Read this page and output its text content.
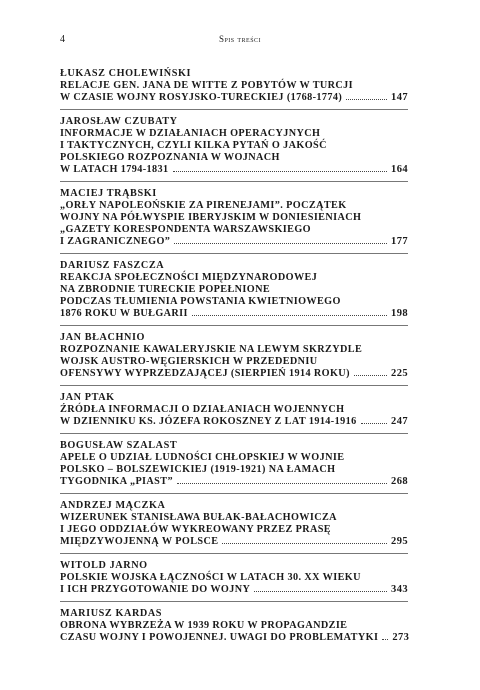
4	Spis treści
ŁUKASZ CHOLEWIŃSKI
RELACJE GEN. JANA DE WITTE Z POBYTÓW W TURCJI
W CZASIE WOJNY ROSYJSKO-TURECKIEJ (1768-1774)	147
JAROSŁAW CZUBATY
INFORMACJE W DZIAŁANIACH OPERACYJNYCH
I TAKTYCZNYCH, CZYLI KILKA PYTAŃ O JAKOŚĆ
POLSKIEGO ROZPOZNANIA W WOJNACH
W LATACH 1794-1831	164
MACIEJ TRĄBSKI
„ORŁY NAPOLEOŃSKIE ZA PIRENEJAMI”. POCZĄTEK
WOJNY NA PÓŁWYSPIE IBERYJSKIM W DONIESIENIACH
„GAZETY KORESPONDENTA WARSZAWSKIEGO
I ZAGRANICZNEGO”	177
DARIUSZ FASZCZA
REAKCJA SPOŁECZNOŚCI MIĘDZYNARODOWEJ
NA ZBRODNIE TURECKIE POPEŁNIONE
PODCZAS TŁUMIENIA POWSTANIA KWIETNIOWEGO
1876 ROKU W BUŁGARII	198
JAN BŁACHNIO
ROZPOZNANIE KAWALERYJSKIE NA LEWYM SKRZYDLE
WOJSK AUSTRO-WĘGIERSKICH W PRZEDEDNIU
OFENSYWY WYPRZEDZAJĄCEJ (SIERPIEŃ 1914 ROKU)	225
JAN PTAK
ŹRÓDŁA INFORMACJI O DZIAŁANIACH WOJENNYCH
W DZIENNIKU KS. JÓZEFA ROKOSZNEY Z LAT 1914-1916	247
BOGUSŁAW SZALAST
APELE O UDZIAŁ LUDNOŚCI CHŁOPSKIEJ W WOJNIE
POLSKO – BOLSZEWICKIEJ (1919-1921) NA ŁAMACH
TYGODNIKA „PIAST”	268
ANDRZEJ MĄCZKA
WIZERUNEK STANISŁAWA BUŁAK-BAŁACHOWICZA
I JEGO ODDZIAŁÓW WYKREOWANY PRZEZ PRASĘ
MIĘDZYWOJENNĄ W POLSCE	295
WITOLD JARNO
POLSKIE WOJSKA ŁĄCZNOŚCI W LATACH 30. XX WIEKU
I ICH PRZYGOTOWANIE DO WOJNY	343
MARIUSZ KARDAS
OBRONA WYBRZEŻA W 1939 ROKU W PROPAGANDZIE
CZASU WOJNY I POWOJENNEJ. UWAGI DO PROBLEMATYKI 273
